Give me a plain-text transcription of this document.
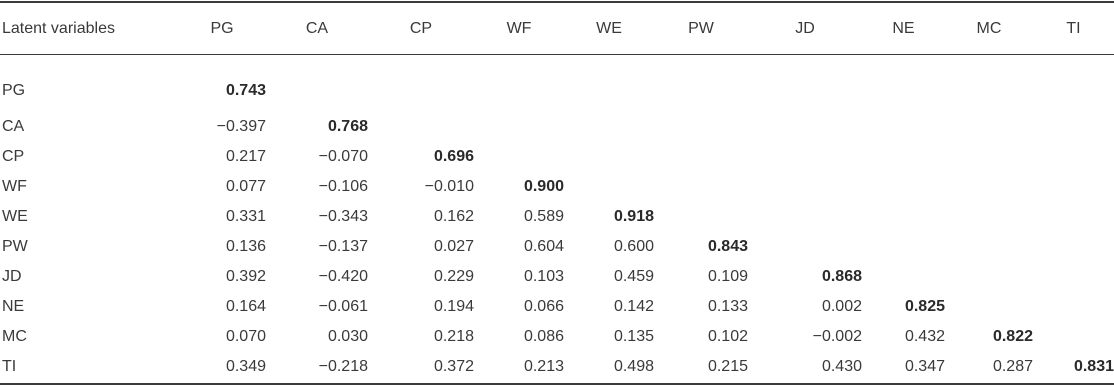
Latent variables	PG	CA	CP	WF	WE	PW	JD	NE	MC	TI
PG	0.743									
CA	−0.397	0.768								
CP	0.217	−0.070	0.696							
WF	0.077	−0.106	−0.010	0.900						
WE	0.331	−0.343	0.162	0.589	0.918					
PW	0.136	−0.137	0.027	0.604	0.600	0.843				
JD	0.392	−0.420	0.229	0.103	0.459	0.109	0.868			
NE	0.164	−0.061	0.194	0.066	0.142	0.133	0.002	0.825		
MC	0.070	0.030	0.218	0.086	0.135	0.102	−0.002	0.432	0.822	
TI	0.349	−0.218	0.372	0.213	0.498	0.215	0.430	0.347	0.287	0.831
